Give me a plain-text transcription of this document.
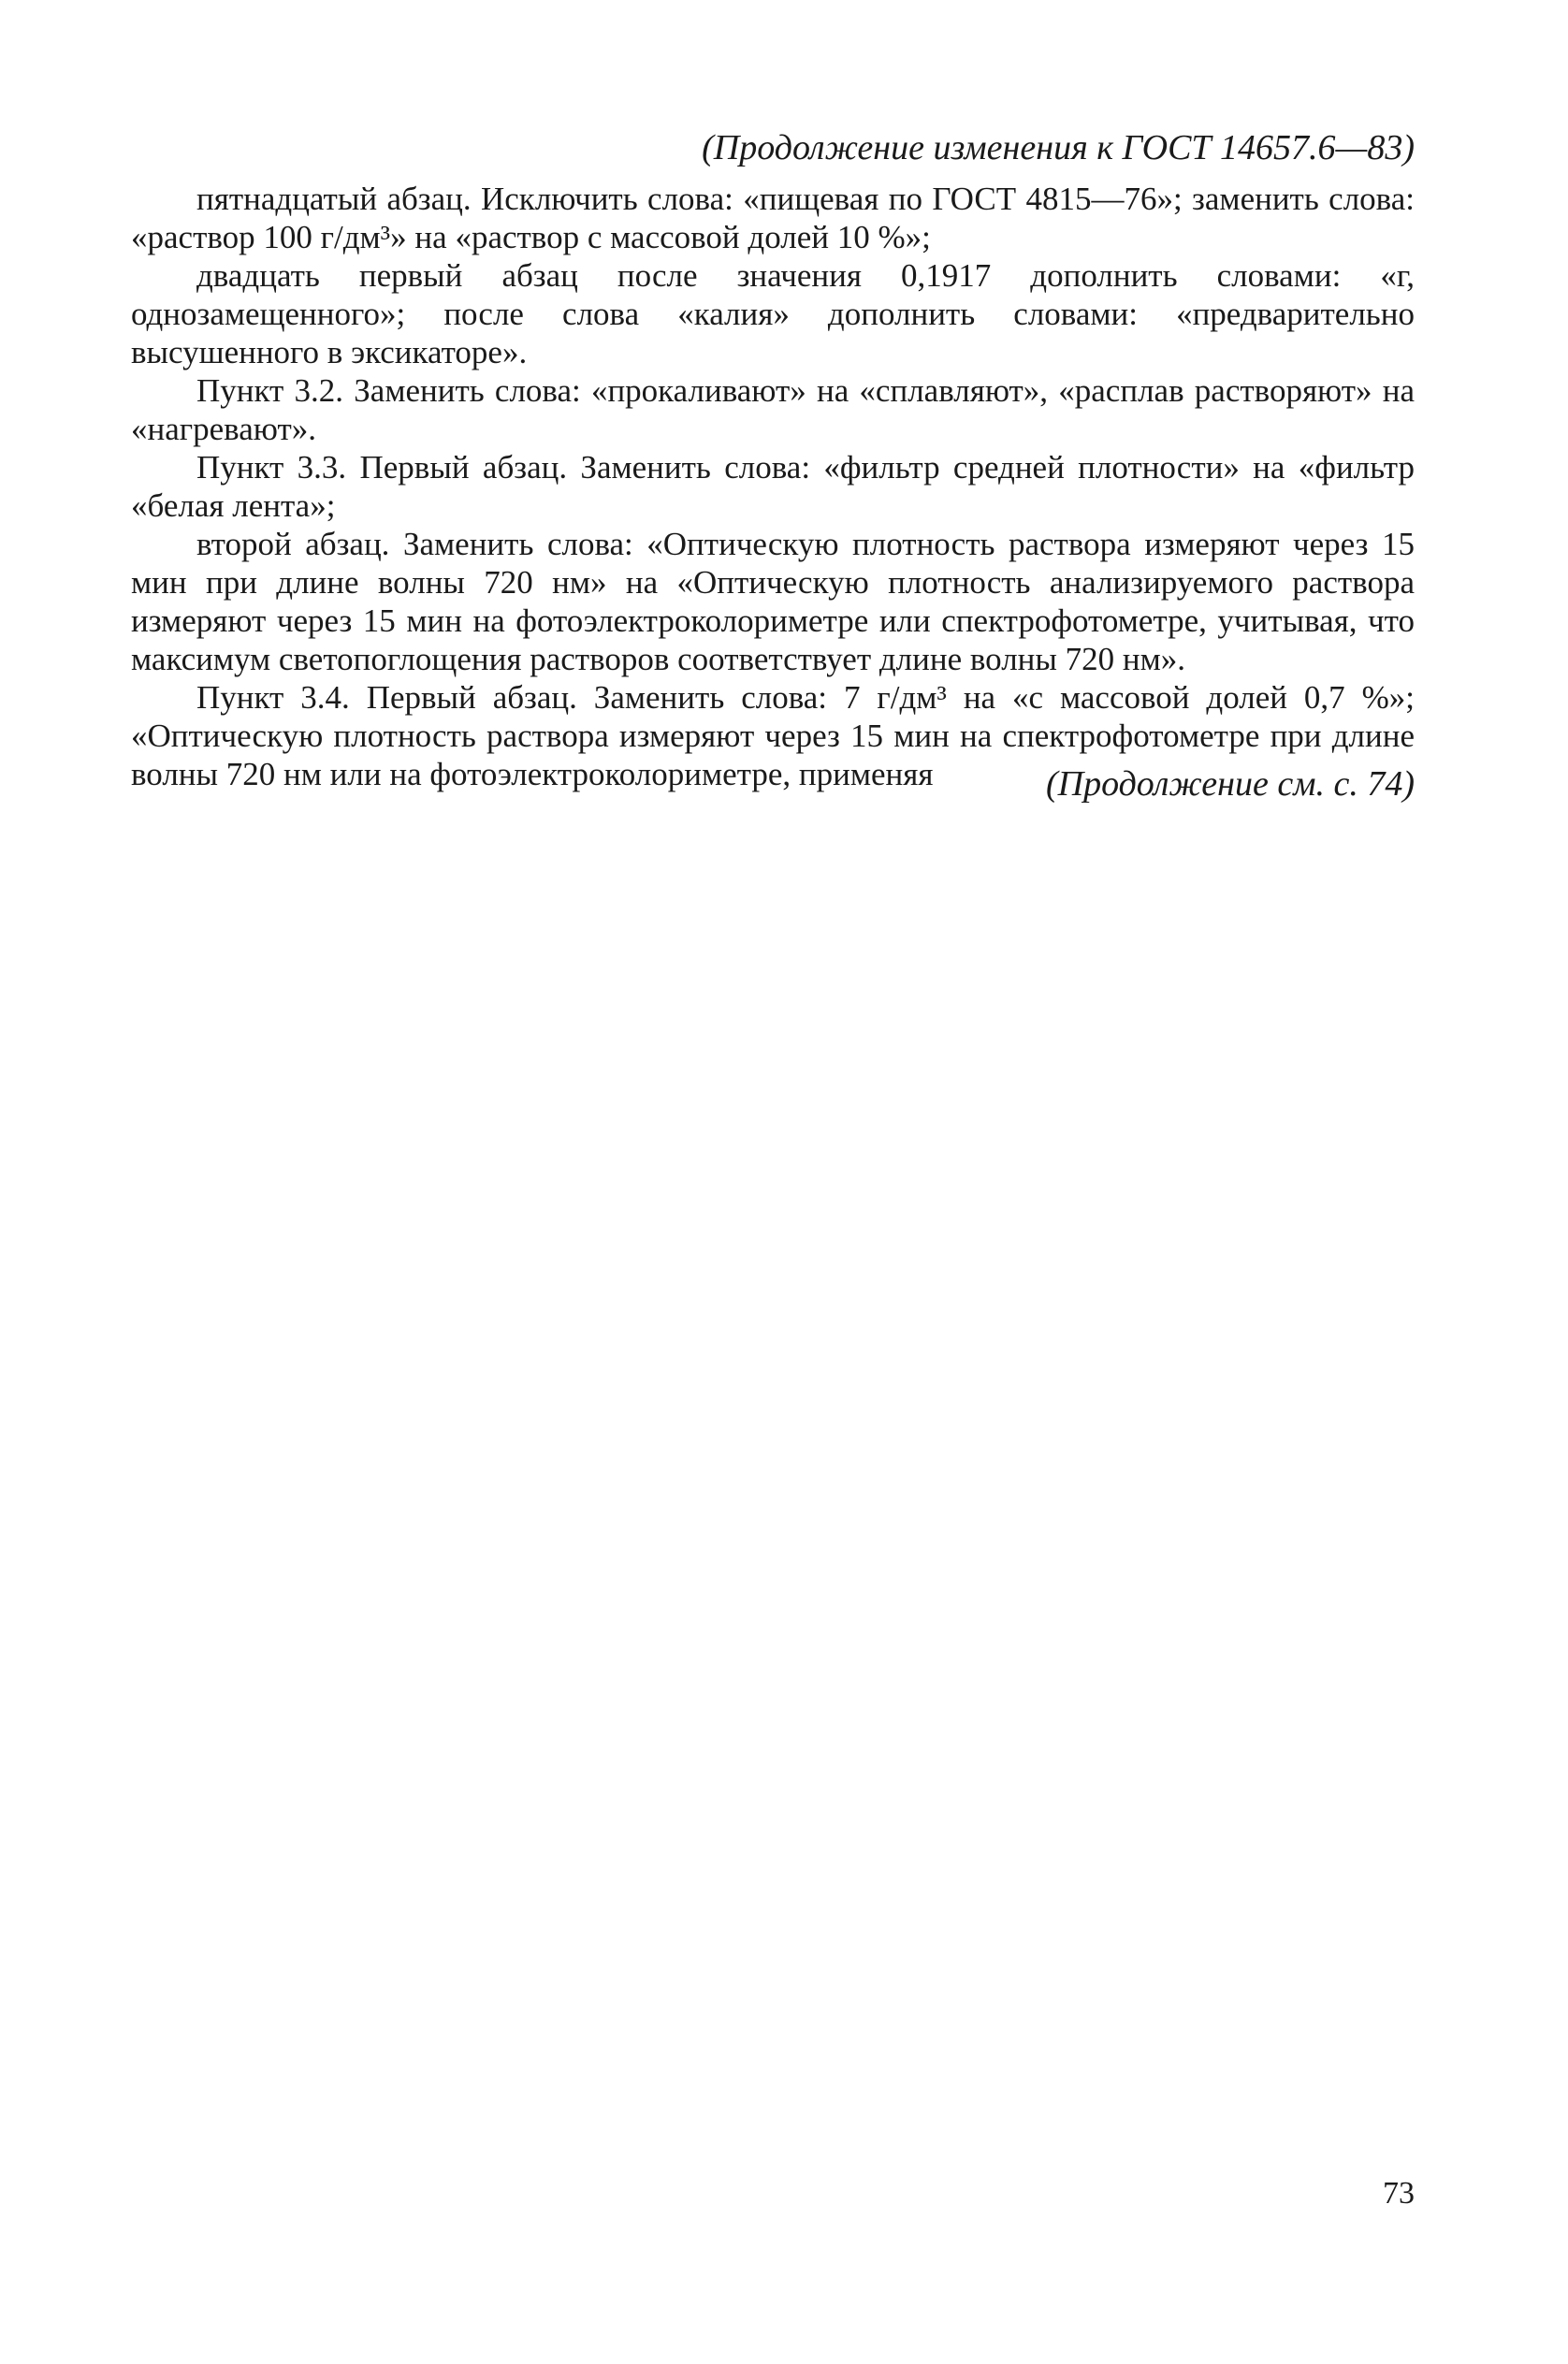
(Продолжение изменения к ГОСТ 14657.6—83)

пятнадцатый абзац. Исключить слова: «пищевая по ГОСТ 4815—76»; заменить слова: «раствор 100 г/дм³» на «раствор с массовой долей 10 %»;

двадцать первый абзац после значения 0,1917 дополнить словами: «г, однозамещенного»; после слова «калия» дополнить словами: «предварительно высушенного в эксикаторе».

Пункт 3.2. Заменить слова: «прокаливают» на «сплавляют», «расплав растворяют» на «нагревают».

Пункт 3.3. Первый абзац. Заменить слова: «фильтр средней плотности» на «фильтр «белая лента»;

второй абзац. Заменить слова: «Оптическую плотность раствора измеряют через 15 мин при длине волны 720 нм» на «Оптическую плотность анализируемого раствора измеряют через 15 мин на фотоэлектроколориметре или спектрофотометре, учитывая, что максимум светопоглощения растворов соответствует длине волны 720 нм».

Пункт 3.4. Первый абзац. Заменить слова: 7 г/дм³ на «с массовой долей 0,7 %»; «Оптическую плотность раствора измеряют через 15 мин на спектрофотометре при длине волны 720 нм или на фотоэлектроколориметре, применяя	(Продолжение см. с. 74)
73
